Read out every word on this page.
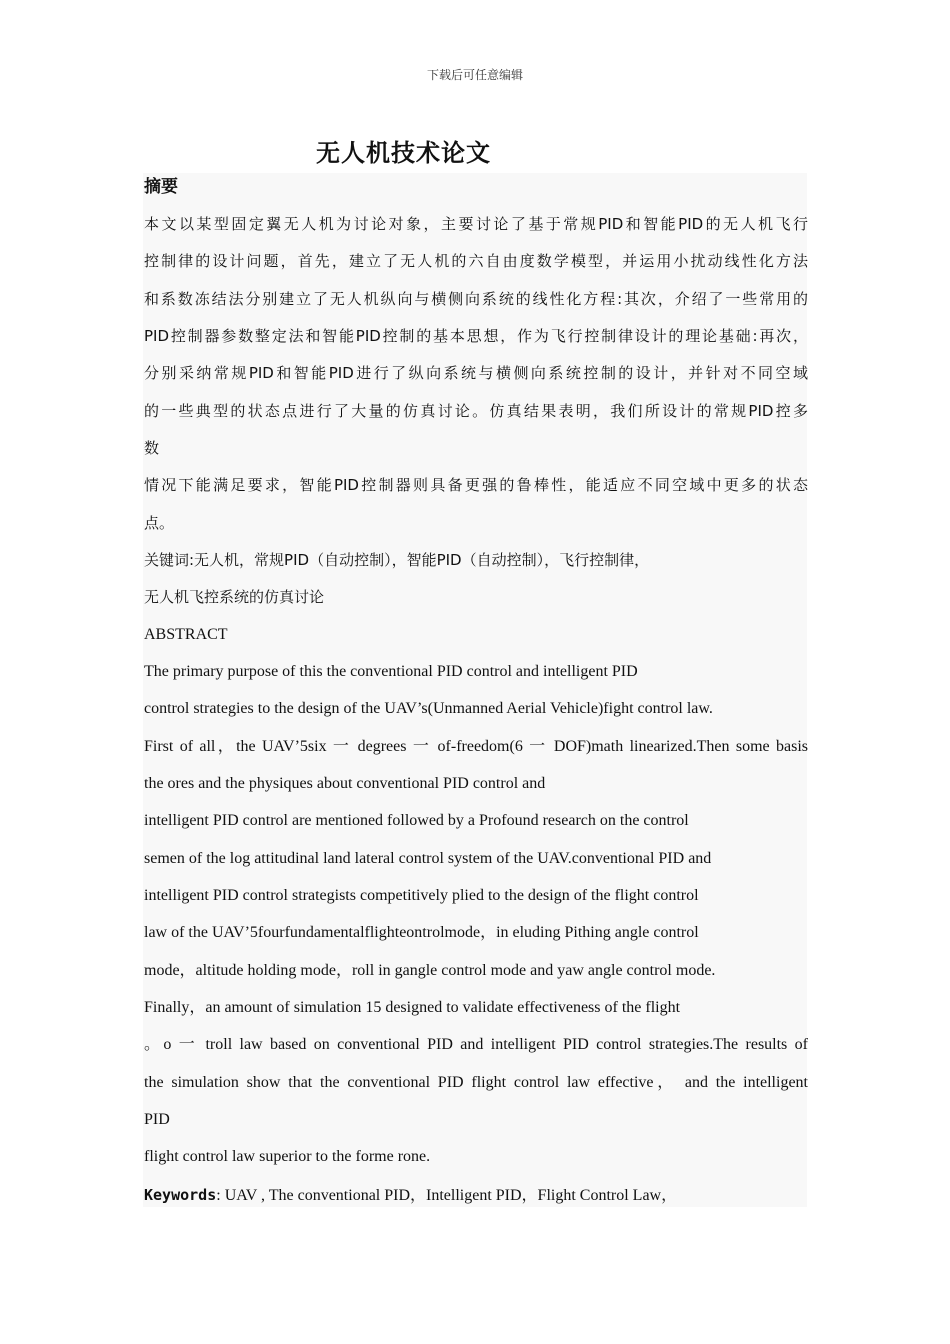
下载后可任意编辑
无人机技术论文
摘要
本文以某型固定翼无人机为讨论对象，主要讨论了基于常规PID和智能PID的无人机飞行
控制律的设计问题，首先，建立了无人机的六自由度数学模型，并运用小扰动线性化方法
和系数冻结法分别建立了无人机纵向与横侧向系统的线性化方程:其次，介绍了一些常用的
PID控制器参数整定法和智能PID控制的基本思想，作为飞行控制律设计的理论基础:再次，
分别采纳常规PID和智能PID进行了纵向系统与横侧向系统控制的设计，并针对不同空域
的一些典型的状态点进行了大量的仿真讨论。仿真结果表明，我们所设计的常规PID控多
数
情况下能满足要求，智能PID控制器则具备更强的鲁棒性，能适应不同空域中更多的状态
点。
关键词:无人机，常规PID（自动控制），智能PID（自动控制），飞行控制律，
无人机飞控系统的仿真讨论
ABSTRACT
The primary purpose of this the conventional PID control and intelligent PID
control strategies to the design of the UAV’s(Unmanned Aerial Vehicle)fight control law.
First of all，the UAV’5six 一 degrees 一 of-freedom(6 一 DOF)math linearized.Then some basis
the ores and the physiques about conventional PID control and
intelligent PID control are mentioned followed by a Profound research on the control
semen of the log attitudinal land lateral control system of the UAV.conventional PID and
intelligent PID control strategists competitively plied to the design of the flight control
law of the UAV’5fourfundamentalflighteontrolmode，in eluding Pithing angle control
mode，altitude holding mode，roll in gangle control mode and yaw angle control mode.
Finally，an amount of simulation 15 designed to validate effectiveness of the flight
。o 一 troll law based on conventional PID and intelligent PID control strategies.The results of
the simulation show that the conventional PID flight control law effective， and the intelligent
PID
flight control law superior to the forme rone.
Keywords: UAV , The conventional PID，Intelligent PID，Flight Control Law，
